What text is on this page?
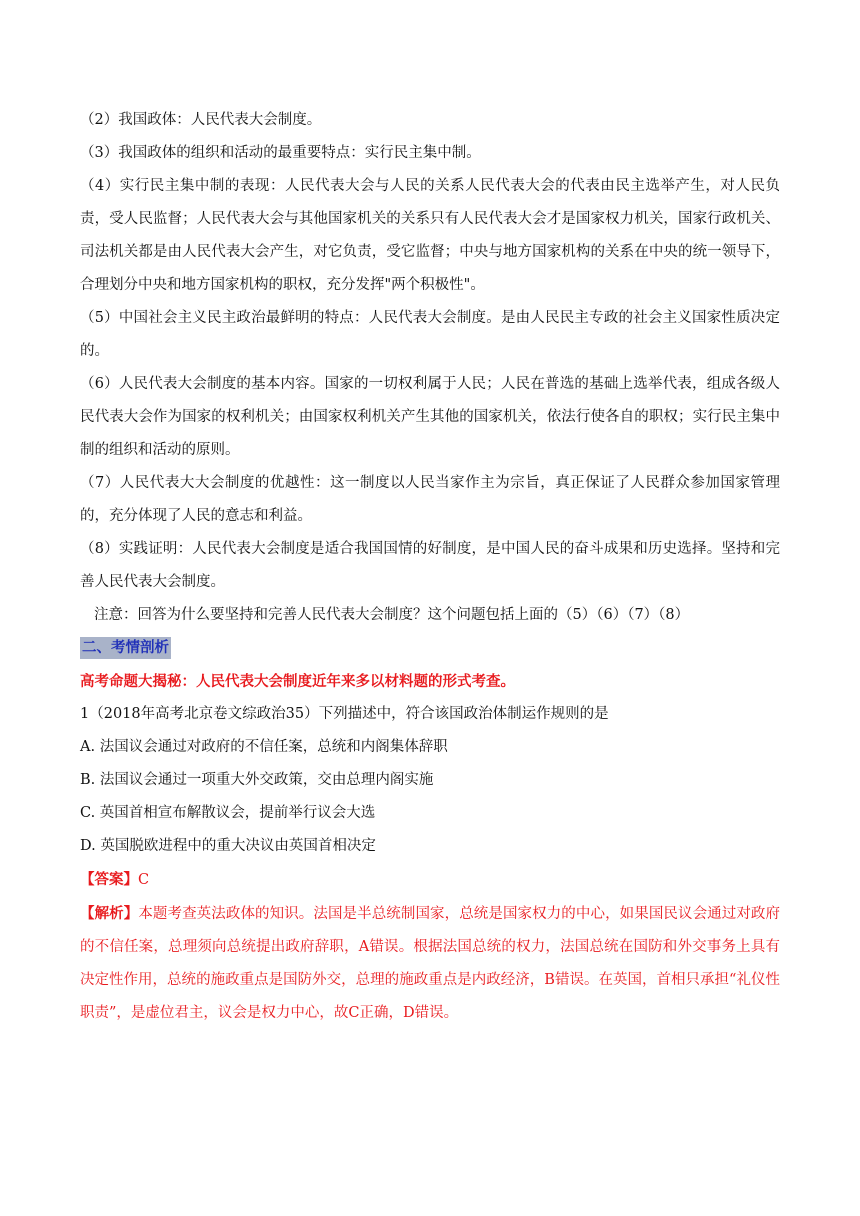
（2）我国政体：人民代表大会制度。

（3）我国政体的组织和活动的最重要特点：实行民主集中制。

（4）实行民主集中制的表现：人民代表大会与人民的关系人民代表大会的代表由民主选举产生，对人民负责，受人民监督；人民代表大会与其他国家机关的关系只有人民代表大会才是国家权力机关，国家行政机关、司法机关都是由人民代表大会产生，对它负责，受它监督；中央与地方国家机构的关系在中央的统一领导下，合理划分中央和地方国家机构的职权，充分发挥"两个积极性"。

（5）中国社会主义民主政治最鲜明的特点：人民代表大会制度。是由人民民主专政的社会主义国家性质决定的。

（6）人民代表大会制度的基本内容。国家的一切权利属于人民；人民在普选的基础上选举代表，组成各级人民代表大会作为国家的权利机关；由国家权利机关产生其他的国家机关，依法行使各自的职权；实行民主集中制的组织和活动的原则。

（7）人民代表大大会制度的优越性：这一制度以人民当家作主为宗旨，真正保证了人民群众参加国家管理的，充分体现了人民的意志和利益。

（8）实践证明：人民代表大会制度是适合我国国情的好制度，是中国人民的奋斗成果和历史选择。坚持和完善人民代表大会制度。

注意：回答为什么要坚持和完善人民代表大会制度？这个问题包括上面的（5）（6）（7）（8）

二、考情剖析

高考命题大揭秘：人民代表大会制度近年来多以材料题的形式考查。

1（2018年高考北京卷文综政治35）下列描述中，符合该国政治体制运作规则的是

A. 法国议会通过对政府的不信任案，总统和内阁集体辞职

B. 法国议会通过一项重大外交政策，交由总理内阁实施

C. 英国首相宣布解散议会，提前举行议会大选

D. 英国脱欧进程中的重大决议由英国首相决定

【答案】C

【解析】本题考查英法政体的知识。法国是半总统制国家，总统是国家权力的中心，如果国民议会通过对政府的不信任案，总理须向总统提出政府辞职，A错误。根据法国总统的权力，法国总统在国防和外交事务上具有决定性作用，总统的施政重点是国防外交，总理的施政重点是内政经济，B错误。在英国，首相只承担“礼仪性职责”，是虚位君主，议会是权力中心，故C正确，D错误。
